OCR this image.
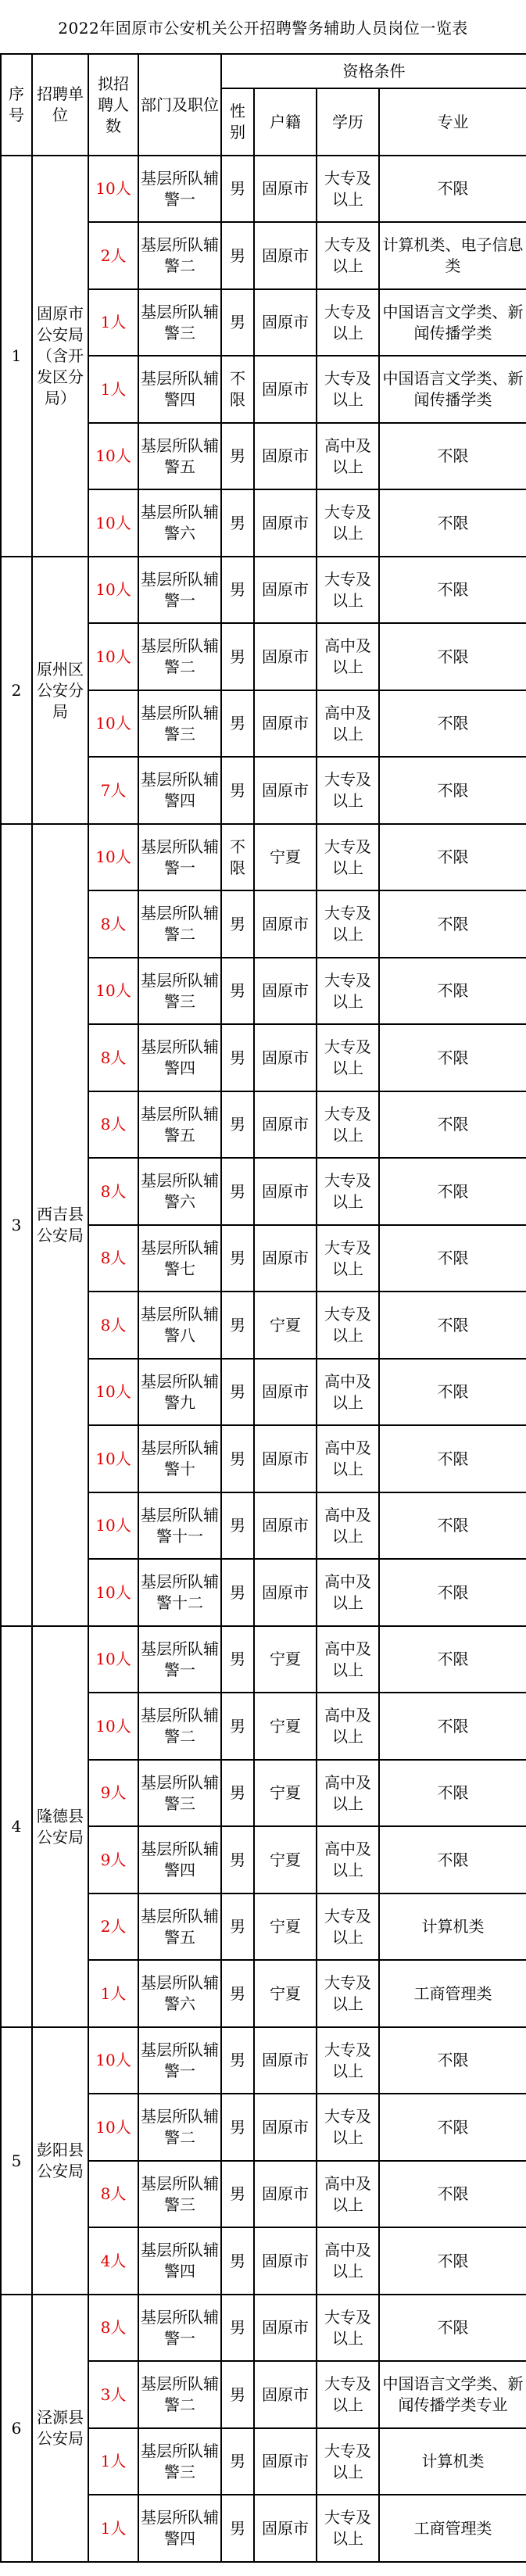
2022年固原市公安机关公开招聘警务辅助人员岗位一览表
序号	招聘单位	拟招聘人数	部门及职位	资格条件			
				性别	户籍	学历	专业
1	固原市公安局（含开发区分局）	10人	基层所队辅警一	男	固原市	大专及以上	不限
		2人	基层所队辅警二	男	固原市	大专及以上	计算机类、电子信息类
		1人	基层所队辅警三	男	固原市	大专及以上	中国语言文学类、新闻传播学类
		1人	基层所队辅警四	不限	固原市	大专及以上	中国语言文学类、新闻传播学类
		10人	基层所队辅警五	男	固原市	高中及以上	不限
		10人	基层所队辅警六	男	固原市	大专及以上	不限
2	原州区公安分局	10人	基层所队辅警一	男	固原市	大专及以上	不限
		10人	基层所队辅警二	男	固原市	高中及以上	不限
		10人	基层所队辅警三	男	固原市	高中及以上	不限
		7人	基层所队辅警四	男	固原市	大专及以上	不限
3	西吉县公安局	10人	基层所队辅警一	不限	宁夏	大专及以上	不限
		8人	基层所队辅警二	男	固原市	大专及以上	不限
		10人	基层所队辅警三	男	固原市	大专及以上	不限
		8人	基层所队辅警四	男	固原市	大专及以上	不限
		8人	基层所队辅警五	男	固原市	大专及以上	不限
		8人	基层所队辅警六	男	固原市	大专及以上	不限
		8人	基层所队辅警七	男	固原市	大专及以上	不限
		8人	基层所队辅警八	男	宁夏	大专及以上	不限
		10人	基层所队辅警九	男	固原市	高中及以上	不限
		10人	基层所队辅警十	男	固原市	高中及以上	不限
		10人	基层所队辅警十一	男	固原市	高中及以上	不限
		10人	基层所队辅警十二	男	固原市	高中及以上	不限
4	隆德县公安局	10人	基层所队辅警一	男	宁夏	高中及以上	不限
		10人	基层所队辅警二	男	宁夏	高中及以上	不限
		9人	基层所队辅警三	男	宁夏	高中及以上	不限
		9人	基层所队辅警四	男	宁夏	高中及以上	不限
		2人	基层所队辅警五	男	宁夏	大专及以上	计算机类
		1人	基层所队辅警六	男	宁夏	大专及以上	工商管理类
5	彭阳县公安局	10人	基层所队辅警一	男	固原市	大专及以上	不限
		10人	基层所队辅警二	男	固原市	大专及以上	不限
		8人	基层所队辅警三	男	固原市	高中及以上	不限
		4人	基层所队辅警四	男	固原市	高中及以上	不限
6	泾源县公安局	8人	基层所队辅警一	男	固原市	大专及以上	不限
		3人	基层所队辅警二	男	固原市	大专及以上	中国语言文学类、新闻传播学类专业
		1人	基层所队辅警三	男	固原市	大专及以上	计算机类
		1人	基层所队辅警四	男	固原市	大专及以上	工商管理类
